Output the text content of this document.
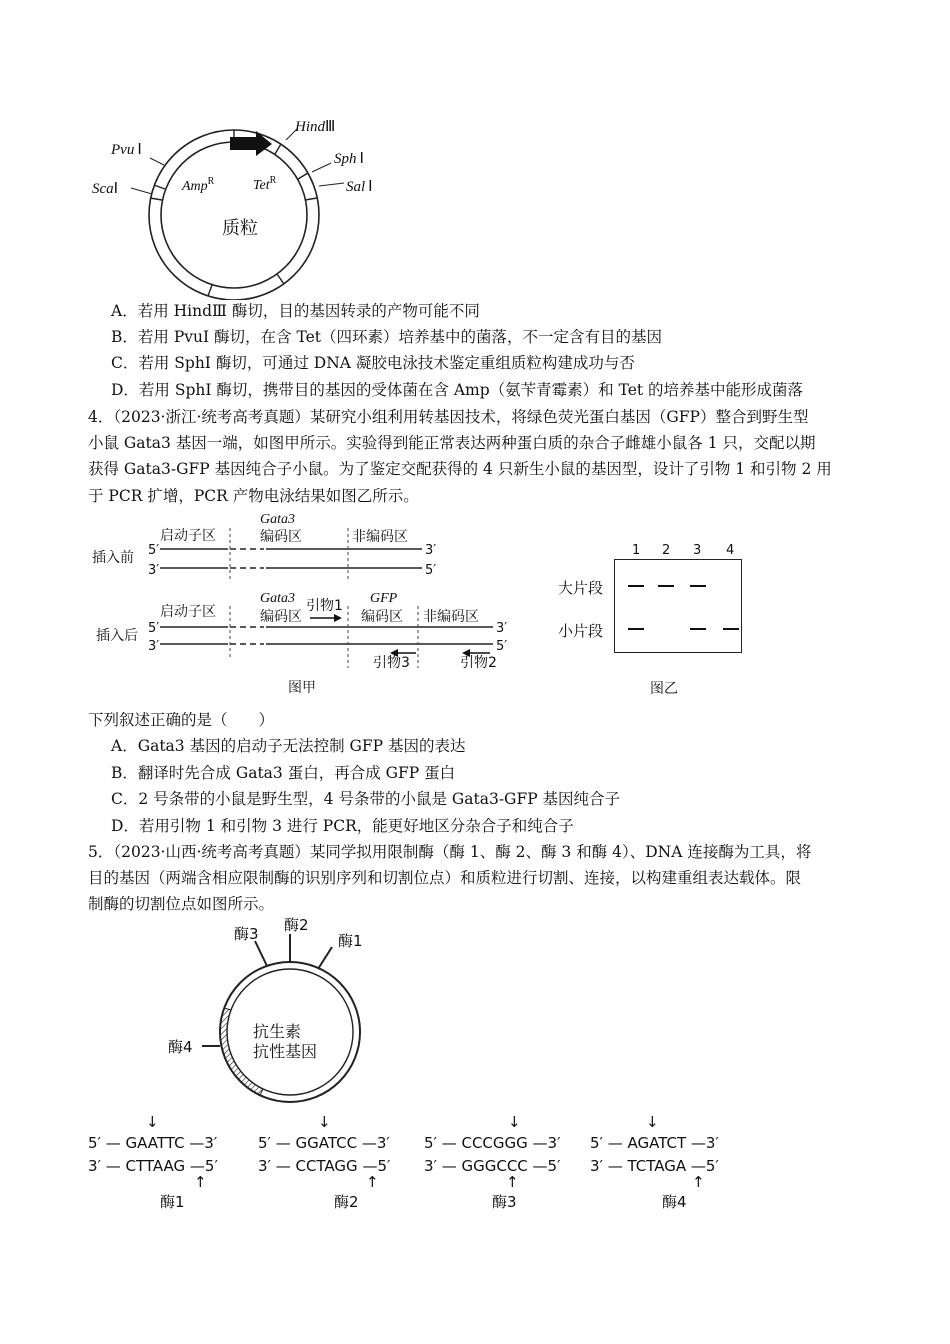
HindⅢ
Sph Ⅰ
Sal Ⅰ
Pvu Ⅰ
ScaⅠ	Amp$^R$	Tet$^R$
质粒
A．若用 HindⅢ 酶切，目的基因转录的产物可能不同
B．若用 PvuⅠ 酶切，在含 Tet（四环素）培养基中的菌落，不一定含有目的基因
C．若用 SphⅠ 酶切，可通过 DNA 凝胶电泳技术鉴定重组质粒构建成功与否
D．若用 SphⅠ 酶切，携带目的基因的受体菌在含 Amp（氨苄青霉素）和 Tet 的培养基中能形成菌落
4．（2023·浙江·统考高考真题）某研究小组利用转基因技术，将绿色荧光蛋白基因（GFP）整合到野生型
小鼠 Gata3 基因一端，如图甲所示。实验得到能正常表达两种蛋白质的杂合子雌雄小鼠各 1 只，交配以期
获得 Gata3-GFP 基因纯合子小鼠。为了鉴定交配获得的 4 只新生小鼠的基因型，设计了引物 1 和引物 2 用
于 PCR 扩增，PCR 产物电泳结果如图乙所示。
插入前
启动子区
Gata3
编码区	非编码区
5′
3′
3′
5′
插入后
启动子区
Gata3
编码区
引物1 GFP
编码区 非编码区
5′
3′
3′
5′
引物3	引物2
图甲
1 2 3 4
大片段
小片段
图乙
下列叙述正确的是（　　）
A．Gata3 基因的启动子无法控制 GFP 基因的表达
B．翻译时先合成 Gata3 蛋白，再合成 GFP 蛋白
C．2 号条带的小鼠是野生型，4 号条带的小鼠是 Gata3-GFP 基因纯合子
D．若用引物 1 和引物 3 进行 PCR，能更好地区分杂合子和纯合子
5．（2023·山西·统考高考真题）某同学拟用限制酶（酶 1、酶 2、酶 3 和酶 4）、DNA 连接酶为工具，将
目的基因（两端含相应限制酶的识别序列和切割位点）和质粒进行切割、连接，以构建重组表达载体。限
制酶的切割位点如图所示。
酶3 酶2
酶1
酶4
抗生素
抗性基因
5′ — GAATTC —3′
3′ — CTTAAG —5′
酶1
↓
↑
5′ — GGATCC —3′
3′ — CCTAGG —5′
酶2
↓
↑
5′ — CCCGGG —3′
3′ — GGGCCC —5′
酶3
↓
↑
5′ — AGATCT —3′
3′ — TCTAGA —5′
酶4
↓
↑
